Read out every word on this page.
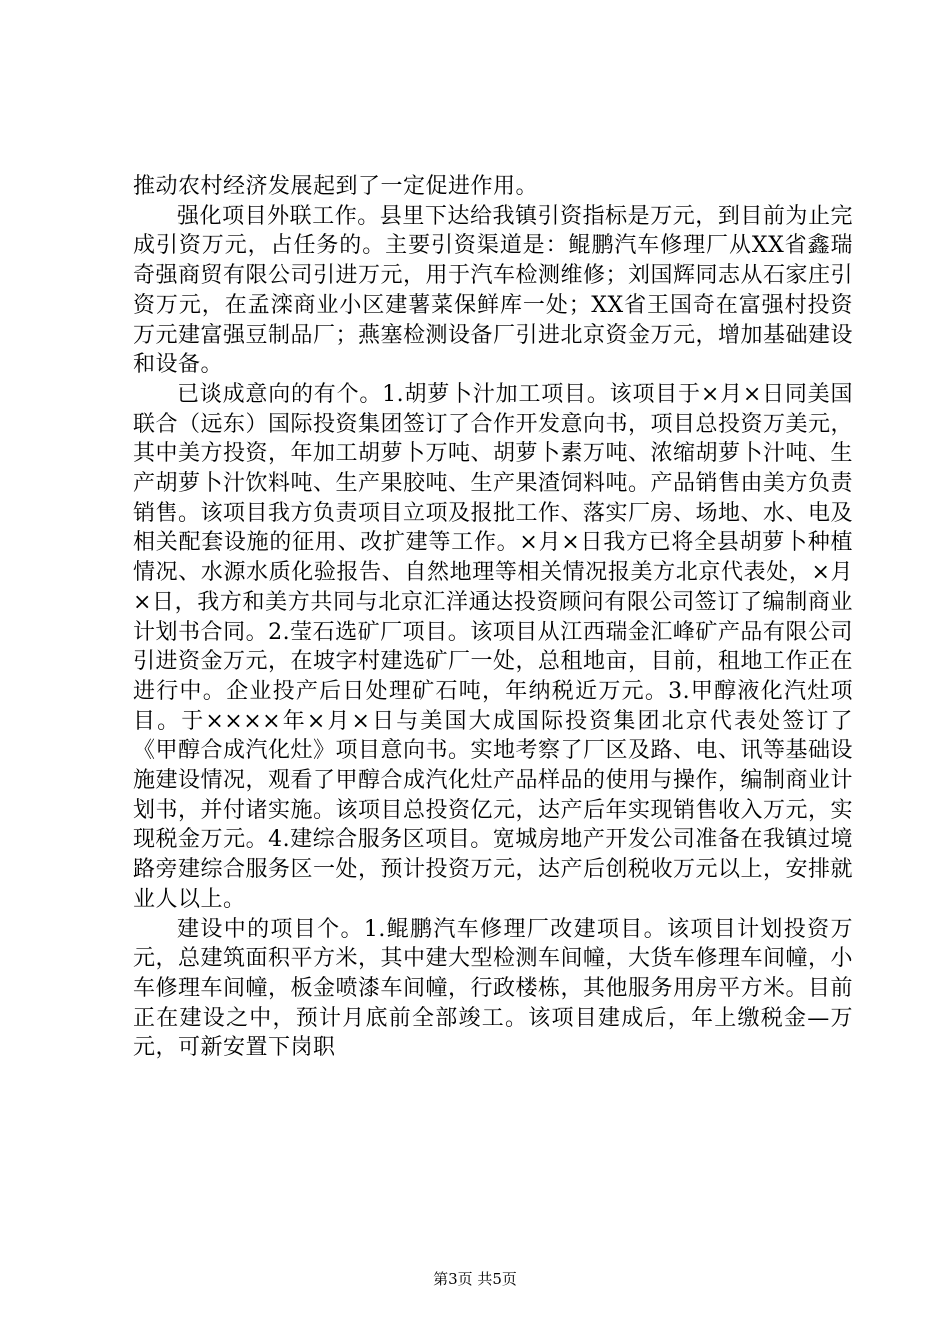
推动农村经济发展起到了一定促进作用。

强化项目外联工作。县里下达给我镇引资指标是万元，到目前为止完成引资万元，占任务的。主要引资渠道是：鲲鹏汽车修理厂从XX省鑫瑞奇强商贸有限公司引进万元，用于汽车检测维修；刘国辉同志从石家庄引资万元，在孟滦商业小区建薯菜保鲜库一处；XX省王国奇在富强村投资万元建富强豆制品厂；燕塞检测设备厂引进北京资金万元，增加基础建设和设备。

已谈成意向的有个。1.胡萝卜汁加工项目。该项目于×月×日同美国联合（远东）国际投资集团签订了合作开发意向书，项目总投资万美元，其中美方投资，年加工胡萝卜万吨、胡萝卜素万吨、浓缩胡萝卜汁吨、生产胡萝卜汁饮料吨、生产果胶吨、生产果渣饲料吨。产品销售由美方负责销售。该项目我方负责项目立项及报批工作、落实厂房、场地、水、电及相关配套设施的征用、改扩建等工作。×月×日我方已将全县胡萝卜种植情况、水源水质化验报告、自然地理等相关情况报美方北京代表处，×月×日，我方和美方共同与北京汇洋通达投资顾问有限公司签订了编制商业计划书合同。2.莹石选矿厂项目。该项目从江西瑞金汇峰矿产品有限公司引进资金万元，在坡字村建选矿厂一处，总租地亩，目前，租地工作正在进行中。企业投产后日处理矿石吨，年纳税近万元。3.甲醇液化汽灶项目。于××××年×月×日与美国大成国际投资集团北京代表处签订了《甲醇合成汽化灶》项目意向书。实地考察了厂区及路、电、讯等基础设施建设情况，观看了甲醇合成汽化灶产品样品的使用与操作，编制商业计划书，并付诸实施。该项目总投资亿元，达产后年实现销售收入万元，实现税金万元。4.建综合服务区项目。宽城房地产开发公司准备在我镇过境路旁建综合服务区一处，预计投资万元，达产后创税收万元以上，安排就业人以上。

建设中的项目个。1.鲲鹏汽车修理厂改建项目。该项目计划投资万元，总建筑面积平方米，其中建大型检测车间幢，大货车修理车间幢，小车修理车间幢，板金喷漆车间幢，行政楼栋，其他服务用房平方米。目前正在建设之中，预计月底前全部竣工。该项目建成后，年上缴税金—万元，可新安置下岗职

第3页 共5页
